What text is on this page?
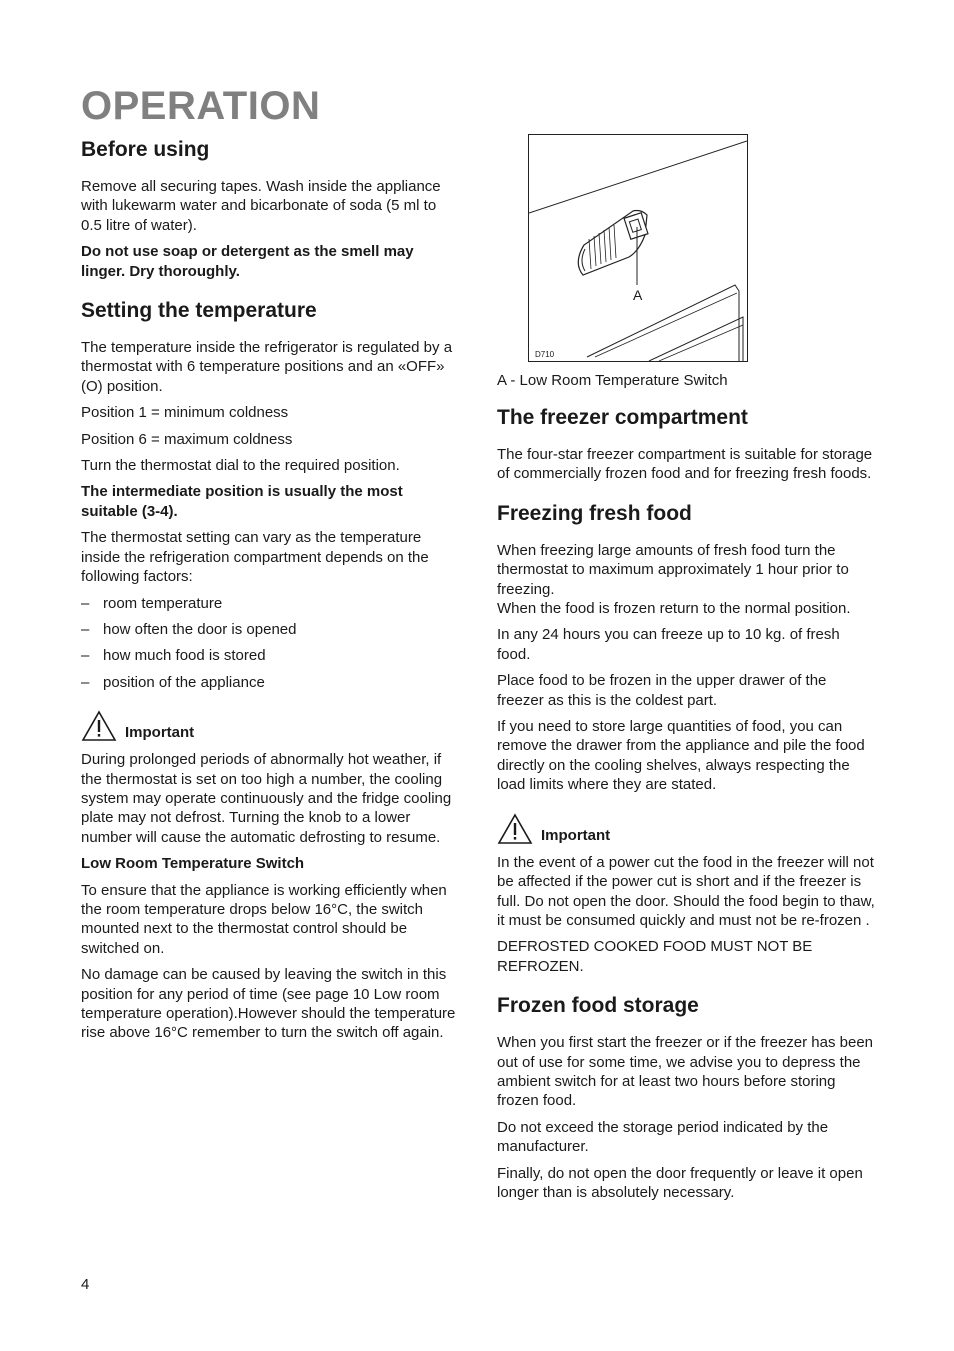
OPERATION
Before using

Remove all securing tapes. Wash inside the appliance with lukewarm water and bicarbonate of soda (5 ml to 0.5 litre of water).

Do not use soap or detergent as the smell may linger. Dry thoroughly.

Setting the temperature

The temperature inside the refrigerator is regulated by a thermostat with 6 temperature positions and an «OFF» (O) position.

Position 1 = minimum coldness

Position 6 = maximum coldness

Turn the thermostat dial to the required position.

The intermediate position is usually the most suitable (3-4).

The thermostat setting can vary as the temperature inside the refrigeration compartment depends on the following factors:

– room temperature
– how often the door is opened
– how much food is stored
– position of the appliance
Important

During prolonged periods of abnormally hot weather, if the thermostat is set on too high a number, the cooling system may operate continuously and the fridge cooling plate may not defrost. Turning the knob to a lower number will cause the automatic defrosting to resume.

Low Room Temperature Switch

To ensure that the appliance is working efficiently when the room temperature drops below 16°C, the switch mounted next to the thermostat control should be switched on.

No damage can be caused by leaving the switch in this position for any period of time (see page 10 Low room temperature operation).However should the temperature rise above 16°C remember to turn the switch off again.

A
D710
A - Low Room Temperature Switch
The freezer compartment

The four-star freezer compartment is suitable for storage of commercially frozen food and for freezing fresh foods.

Freezing fresh food

When freezing large amounts of fresh food turn the thermostat to maximum approximately 1 hour prior to freezing.
When the food is frozen return to the normal position.

In any 24 hours you can freeze up to 10 kg. of fresh food.

Place food to be frozen in the upper drawer of the freezer as this is the coldest part.

If you need to store large quantities of food, you can remove the drawer from the appliance and pile the food directly on the cooling shelves, always respecting the load limits where they are stated.

Important

In the event of a power cut the food in the freezer will not be affected if the power cut is short and if the freezer is full. Do not open the door. Should the food begin to thaw, it must be consumed quickly and must not be re-frozen .

DEFROSTED COOKED FOOD MUST NOT BE REFROZEN.

Frozen food storage

When you first start the freezer or if the freezer has been out of use for some time, we advise you to depress the ambient switch for at least two hours before storing frozen food.

Do not exceed the storage period indicated by the manufacturer.

Finally, do not open the door frequently or leave it open longer than is absolutely necessary.

4
